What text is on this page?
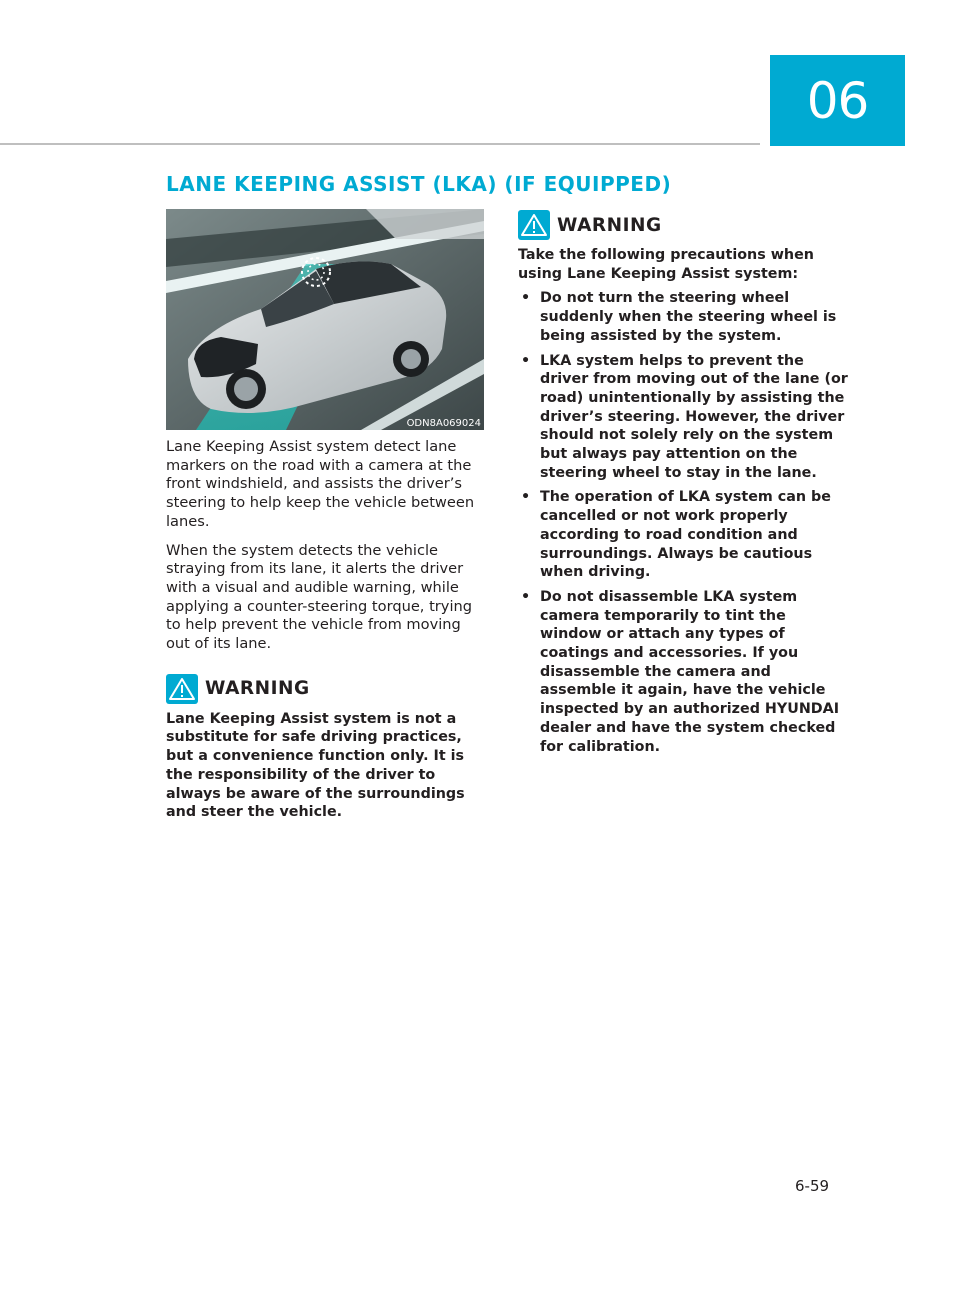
06
LANE KEEPING ASSIST (LKA) (IF EQUIPPED)
ODN8A069024

Lane Keeping Assist system detect lane markers on the road with a camera at the front windshield, and assists the driver’s steering to help keep the vehicle between lanes.

When the system detects the vehicle straying from its lane, it alerts the driver with a visual and audible warning, while applying a counter-steering torque, trying to help prevent the vehicle from moving out of its lane.

WARNING

Lane Keeping Assist system is not a substitute for safe driving practices, but a convenience function only. It is the responsibility of the driver to always be aware of the surroundings and steer the vehicle.

WARNING

Take the following precautions when using Lane Keeping Assist system:

• Do not turn the steering wheel suddenly when the steering wheel is being assisted by the system.
• LKA system helps to prevent the driver from moving out of the lane (or road) unintentionally by assisting the driver’s steering. However, the driver should not solely rely on the system but always pay attention on the steering wheel to stay in the lane.
• The operation of LKA system can be cancelled or not work properly according to road condition and surroundings. Always be cautious when driving.
• Do not disassemble LKA system camera temporarily to tint the window or attach any types of coatings and accessories. If you disassemble the camera and assemble it again, have the vehicle inspected by an authorized HYUNDAI dealer and have the system checked for calibration.
6-59
